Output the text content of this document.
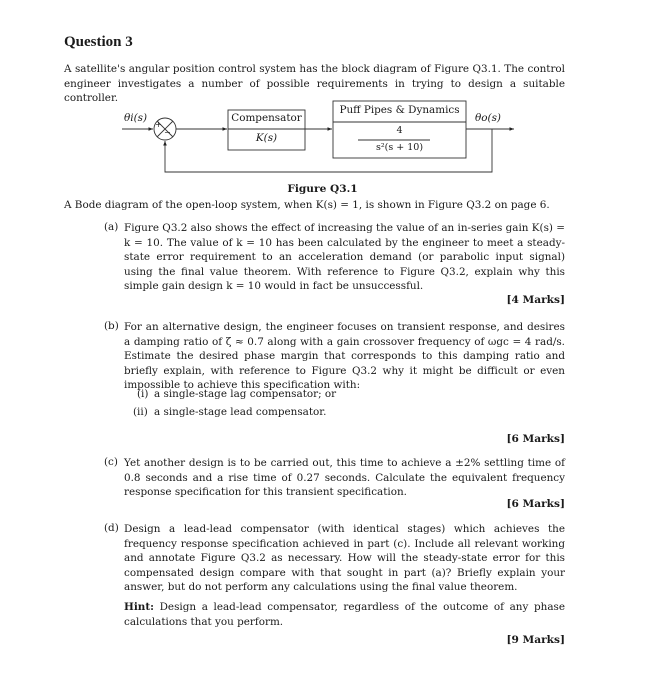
Question 3
A satellite's angular position control system has the block diagram of Figure Q3.1. The control engineer investigates a number of possible requirements in trying to design a suitable controller.
θi(s)
+
−
Compensator
K(s)
Puff Pipes & Dynamics
4
s²(s + 10)
θo(s)
Figure Q3.1
A Bode diagram of the open-loop system, when K(s) = 1, is shown in Figure Q3.2 on page 6.
(a) Figure Q3.2 also shows the effect of increasing the value of an in-series gain K(s) = k = 10. The value of k = 10 has been calculated by the engineer to meet a steady-state error requirement to an acceleration demand (or parabolic input signal) using the final value theorem. With reference to Figure Q3.2, explain why this simple gain design k = 10 would in fact be unsuccessful.
[4 Marks]
(b) For an alternative design, the engineer focuses on transient response, and desires a damping ratio of ζ ≈ 0.7 along with a gain crossover frequency of ωgc = 4 rad/s. Estimate the desired phase margin that corresponds to this damping ratio and briefly explain, with reference to Figure Q3.2 why it might be difficult or even impossible to achieve this specification with:
(i) a single-stage lag compensator; or
(ii) a single-stage lead compensator.
[6 Marks]
(c) Yet another design is to be carried out, this time to achieve a ±2% settling time of 0.8 seconds and a rise time of 0.27 seconds. Calculate the equivalent frequency response specification for this transient specification.
[6 Marks]
(d) Design a lead-lead compensator (with identical stages) which achieves the frequency response specification achieved in part (c). Include all relevant working and annotate Figure Q3.2 as necessary. How will the steady-state error for this compensated design compare with that sought in part (a)? Briefly explain your answer, but do not perform any calculations using the final value theorem.
Hint: Design a lead-lead compensator, regardless of the outcome of any phase calculations that you perform.
[9 Marks]
